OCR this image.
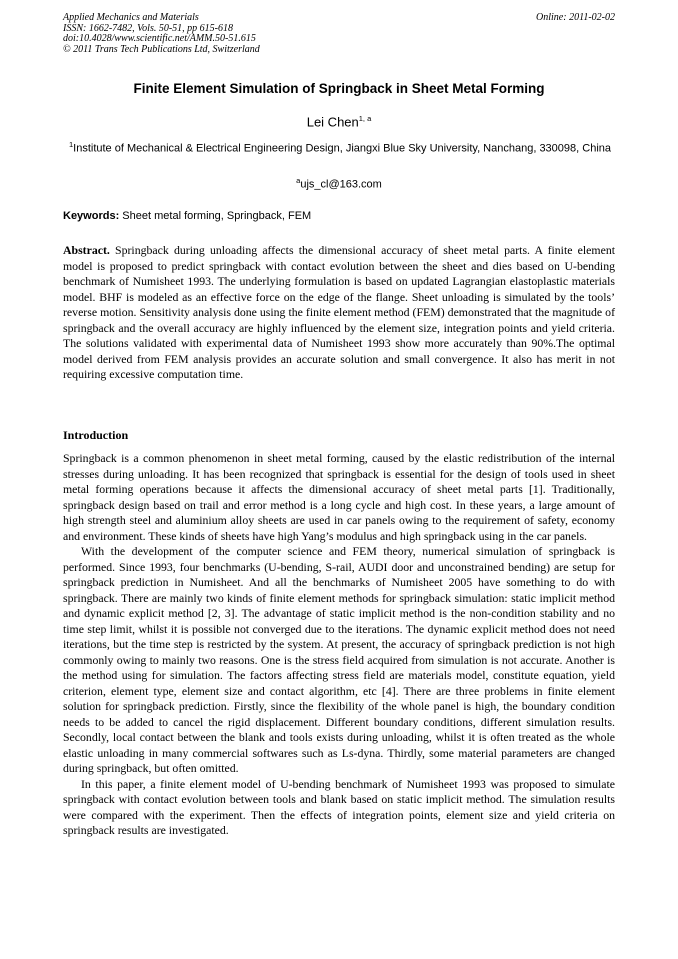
Applied Mechanics and Materials
ISSN: 1662-7482, Vols. 50-51, pp 615-618
doi:10.4028/www.scientific.net/AMM.50-51.615
© 2011 Trans Tech Publications Ltd, Switzerland
Online: 2011-02-02
Finite Element Simulation of Springback in Sheet Metal Forming
Lei Chen$^{1, a}$
$^1$Institute of Mechanical & Electrical Engineering Design, Jiangxi Blue Sky University, Nanchang, 330098, China
$^a$ujs_cl@163.com
Keywords: Sheet metal forming, Springback, FEM
Abstract. Springback during unloading affects the dimensional accuracy of sheet metal parts. A finite element model is proposed to predict springback with contact evolution between the sheet and dies based on U-bending benchmark of Numisheet 1993. The underlying formulation is based on updated Lagrangian elastoplastic materials model. BHF is modeled as an effective force on the edge of the flange. Sheet unloading is simulated by the tools’ reverse motion. Sensitivity analysis done using the finite element method (FEM) demonstrated that the magnitude of springback and the overall accuracy are highly influenced by the element size, integration points and yield criteria. The solutions validated with experimental data of Numisheet 1993 show more accurately than 90%.The optimal model derived from FEM analysis provides an accurate solution and small convergence. It also has merit in not requiring excessive computation time.
Introduction

Springback is a common phenomenon in sheet metal forming, caused by the elastic redistribution of the internal stresses during unloading. It has been recognized that springback is essential for the design of tools used in sheet metal forming operations because it affects the dimensional accuracy of sheet metal parts [1]. Traditionally, springback design based on trail and error method is a long cycle and high cost. In these years, a large amount of high strength steel and aluminium alloy sheets are used in car panels owing to the requirement of safety, economy and environment. These kinds of sheets have high Yang’s modulus and high springback using in the car panels.

With the development of the computer science and FEM theory, numerical simulation of springback is performed. Since 1993, four benchmarks (U-bending, S-rail, AUDI door and unconstrained bending) are setup for springback prediction in Numisheet. And all the benchmarks of Numisheet 2005 have something to do with springback. There are mainly two kinds of finite element methods for springback simulation: static implicit method and dynamic explicit method [2, 3]. The advantage of static implicit method is the non-condition stability and no time step limit, whilst it is possible not converged due to the iterations. The dynamic explicit method does not need iterations, but the time step is restricted by the system. At present, the accuracy of springback prediction is not high commonly owing to mainly two reasons. One is the stress field acquired from simulation is not accurate. Another is the method using for simulation. The factors affecting stress field are materials model, constitute equation, yield criterion, element type, element size and contact algorithm, etc [4]. There are three problems in finite element solution for springback prediction. Firstly, since the flexibility of the whole panel is high, the boundary condition needs to be added to cancel the rigid displacement. Different boundary conditions, different simulation results. Secondly, local contact between the blank and tools exists during unloading, whilst it is often treated as the whole elastic unloading in many commercial softwares such as Ls-dyna. Thirdly, some material parameters are changed during springback, but often omitted.

In this paper, a finite element model of U-bending benchmark of Numisheet 1993 was proposed to simulate springback with contact evolution between tools and blank based on static implicit method. The simulation results were compared with the experiment. Then the effects of integration points, element size and yield criteria on springback results are investigated.
